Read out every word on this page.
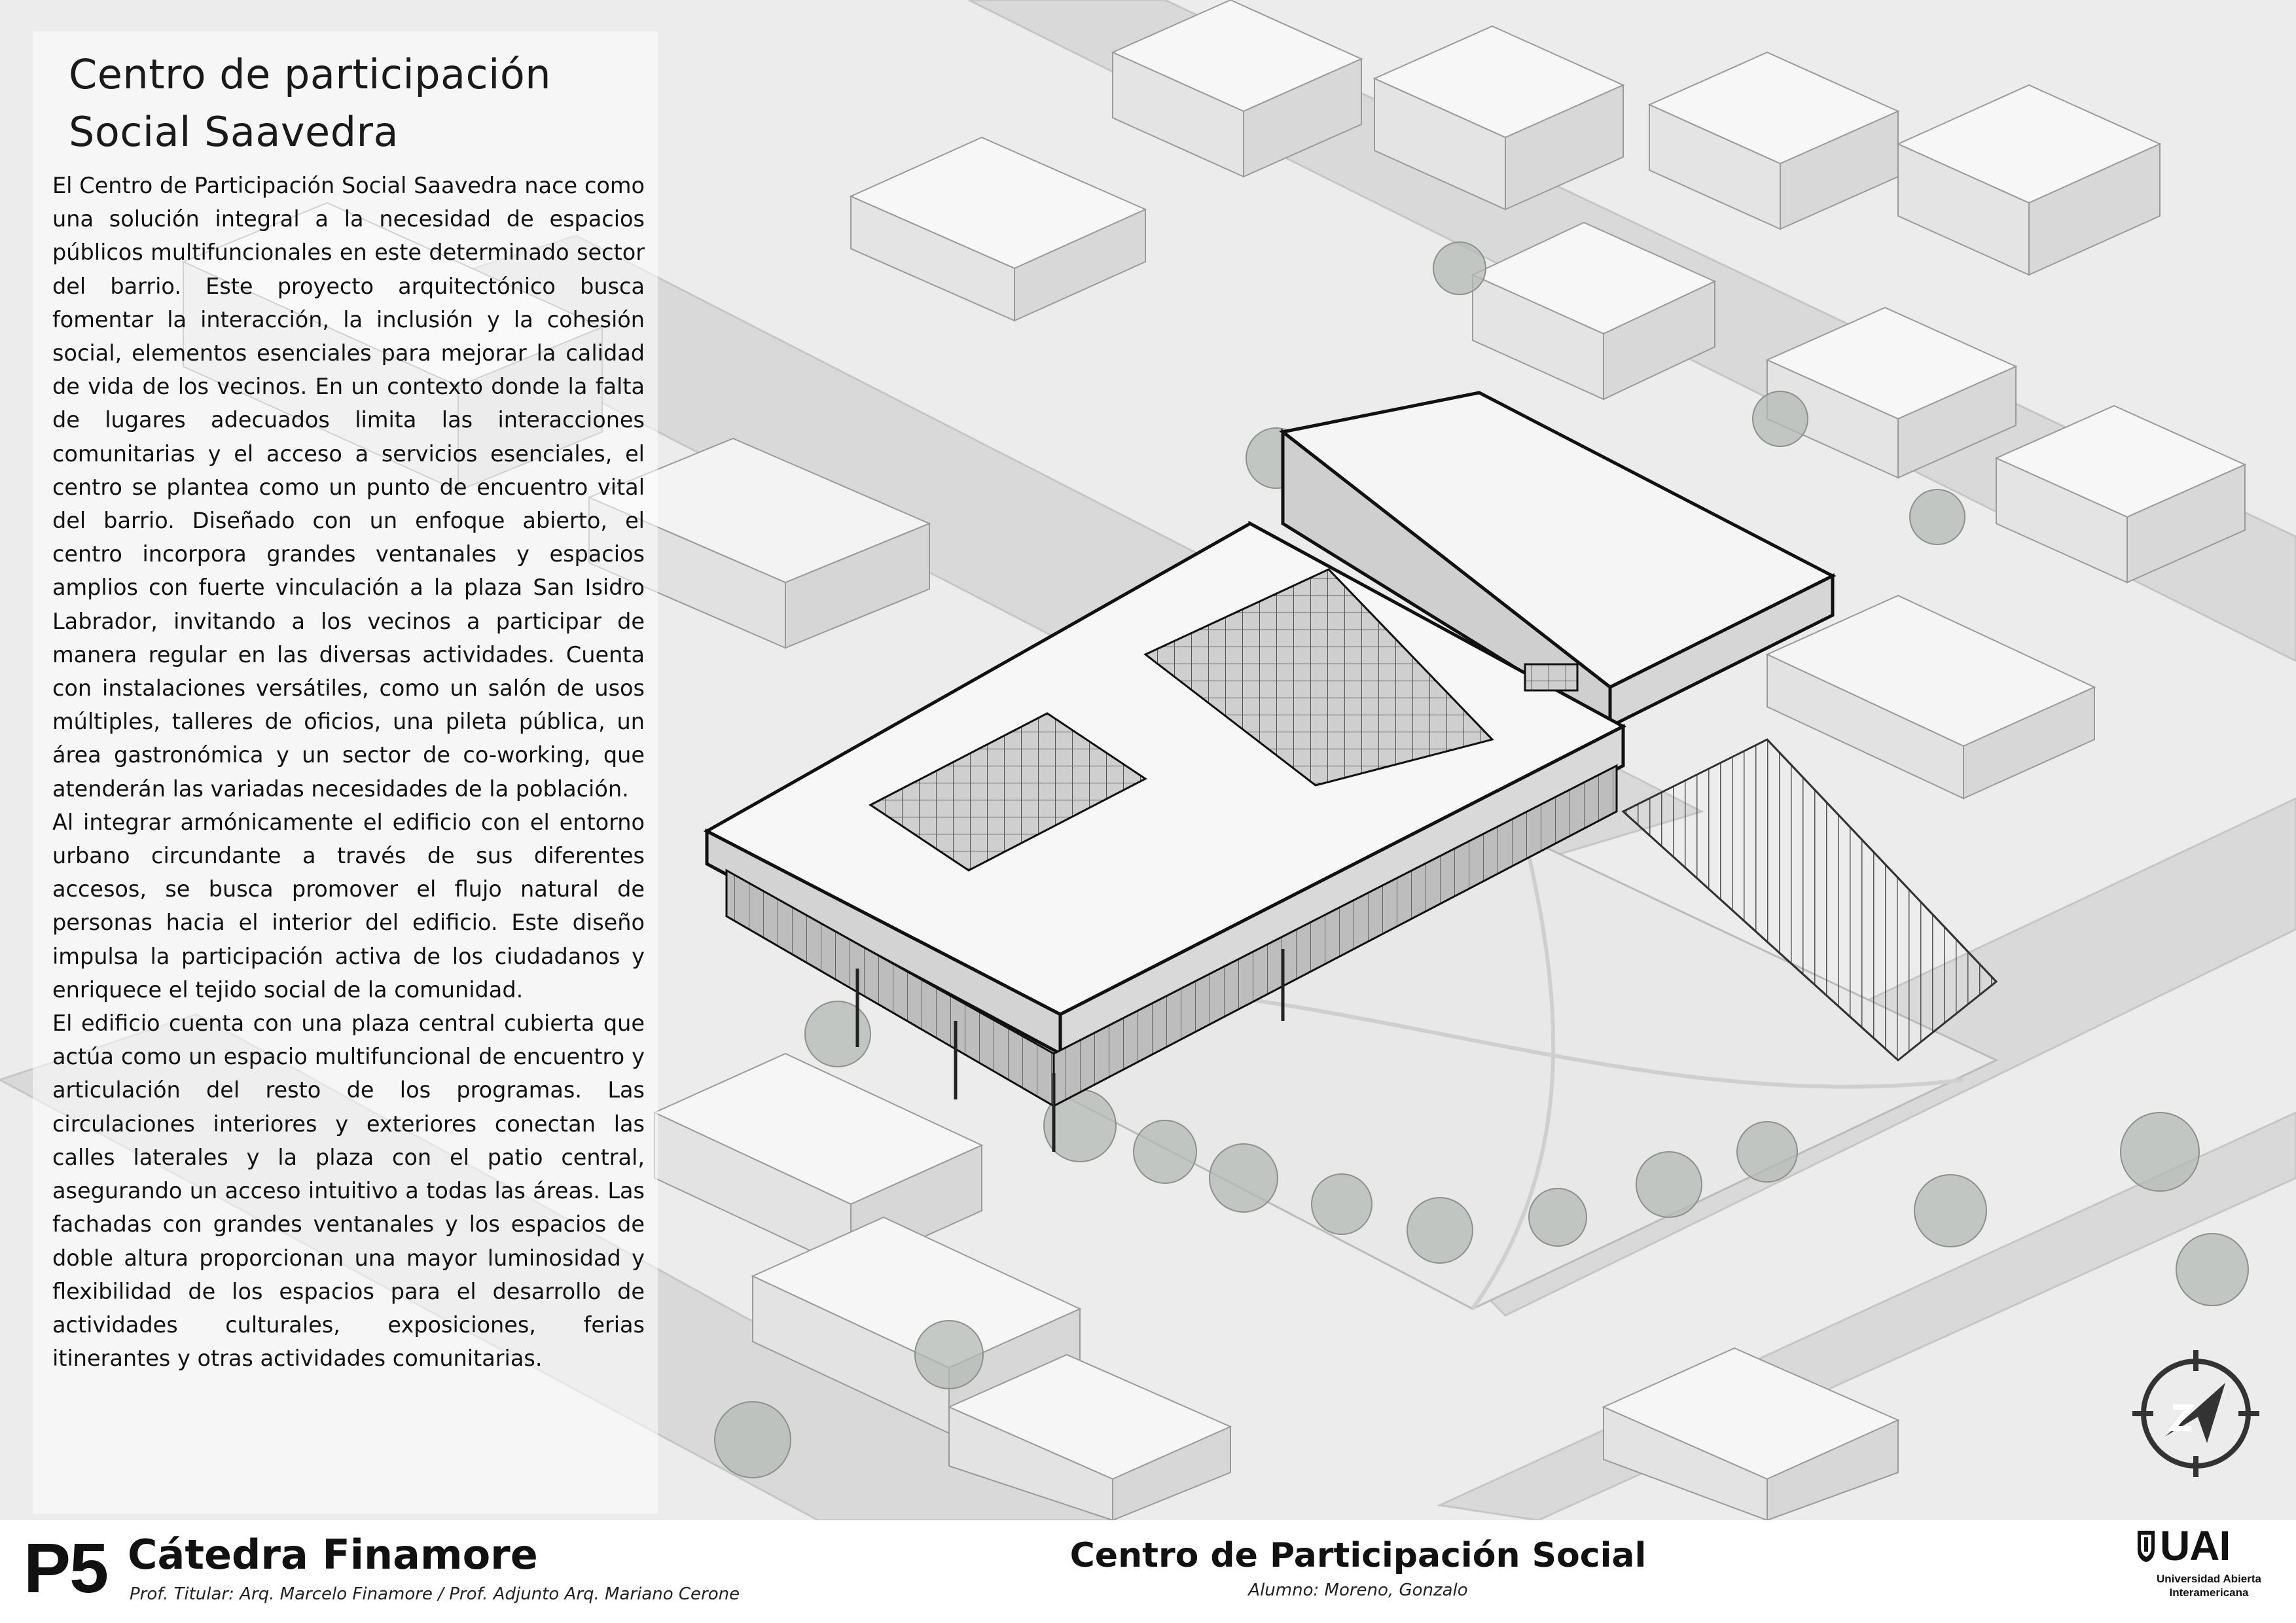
Centro de participación
Social Saavedra

El Centro de Participación Social Saavedra nace como una solución integral a la necesidad de espacios públicos multifuncionales en este determinado sector del barrio. Este proyecto arquitectónico busca fomentar la interacción, la inclusión y la cohesión social, elementos esenciales para mejorar la calidad de vida de los vecinos. En un contexto donde la falta de lugares adecuados limita las interacciones comunitarias y el acceso a servicios esenciales, el centro se plantea como un punto de encuentro vital del barrio. Diseñado con un enfoque abierto, el centro incorpora grandes ventanales y espacios amplios con fuerte vinculación a la plaza San Isidro Labrador, invitando a los vecinos a participar de manera regular en las diversas actividades. Cuenta con instalaciones versátiles, como un salón de usos múltiples, talleres de oficios, una pileta pública, un área gastronómica y un sector de co-working, que atenderán las variadas necesidades de la población.

Al integrar armónicamente el edificio con el entorno urbano circundante a través de sus diferentes accesos, se busca promover el flujo natural de personas hacia el interior del edificio. Este diseño impulsa la participación activa de los ciudadanos y enriquece el tejido social de la comunidad.

El edificio cuenta con una plaza central cubierta que actúa como un espacio multifuncional de encuentro y articulación del resto de los programas. Las circulaciones interiores y exteriores conectan las calles laterales y la plaza con el patio central, asegurando un acceso intuitivo a todas las áreas. Las fachadas con grandes ventanales y los espacios de doble altura proporcionan una mayor luminosidad y flexibilidad de los espacios para el desarrollo de actividades culturales, exposiciones, ferias itinerantes y otras actividades comunitarias.

P5 Cátedra Finamore
Prof. Titular: Arq. Marcelo Finamore / Prof. Adjunto Arq. Mariano Cerone
Centro de Participación Social
Alumno: Moreno, Gonzalo
UAI
Universidad Abierta
Interamericana
